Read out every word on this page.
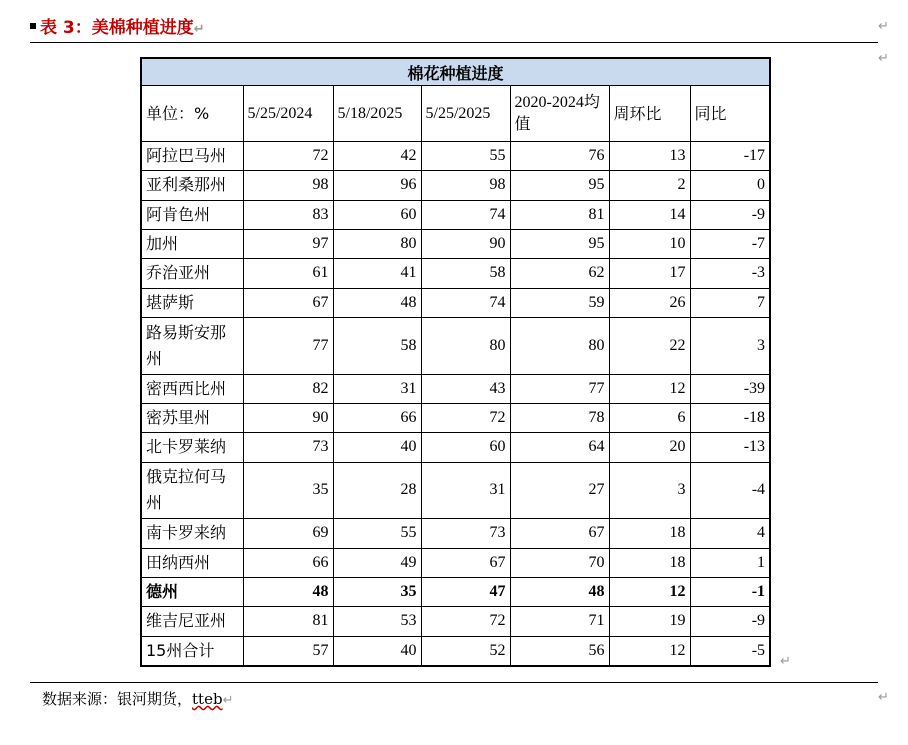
表 3：美棉种植进度↵	↵
↵
棉花种植进度						
单位：%	5/25/2024	5/18/2025	5/25/2025	2020-2024均值	周环比	同比
阿拉巴马州	72	42	55	76	13	-17
亚利桑那州	98	96	98	95	2	0
阿肯色州	83	60	74	81	14	-9
加州	97	80	90	95	10	-7
乔治亚州	61	41	58	62	17	-3
堪萨斯	67	48	74	59	26	7
路易斯安那州	77	58	80	80	22	3
密西西比州	82	31	43	77	12	-39
密苏里州	90	66	72	78	6	-18
北卡罗莱纳	73	40	60	64	20	-13
俄克拉何马州	35	28	31	27	3	-4
南卡罗来纳	69	55	73	67	18	4
田纳西州	66	49	67	70	18	1
德州	48	35	47	48	12	-1
维吉尼亚州	81	53	72	71	19	-9
15州合计	57	40	52	56	12	-5
↵
数据来源：银河期货，tteb↵	↵
